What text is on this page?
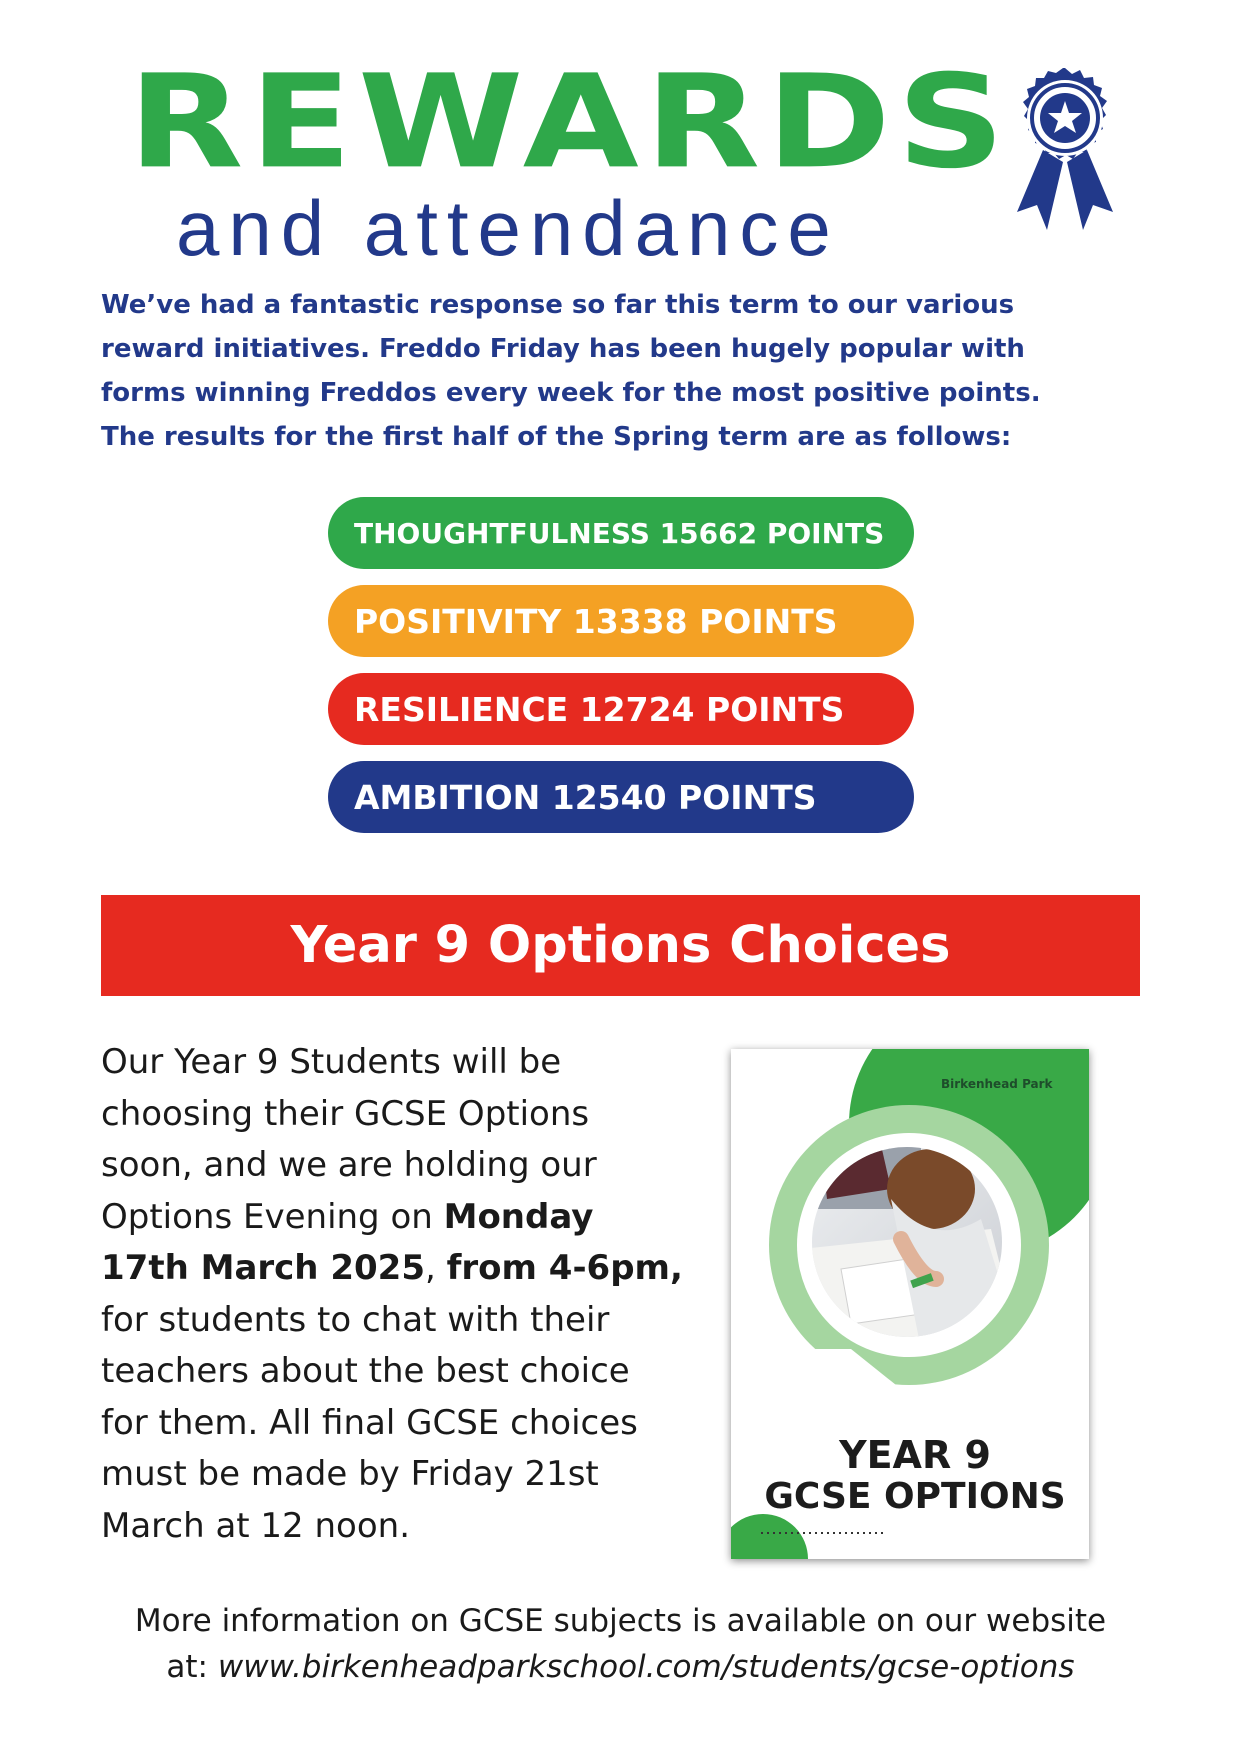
REWARDS
and attendance
We’ve had a fantastic response so far this term to our various
reward initiatives. Freddo Friday has been hugely popular with
forms winning Freddos every week for the most positive points.
The results for the first half of the Spring term are as follows:
THOUGHTFULNESS 15662 POINTS
POSITIVITY 13338 POINTS
RESILIENCE 12724 POINTS
AMBITION 12540 POINTS
Year 9 Options Choices
Our Year 9 Students will be
choosing their GCSE Options
soon, and we are holding our
Options Evening on Monday
17th March 2025, from 4-6pm,
for students to chat with their
teachers about the best choice
for them. All final GCSE choices
must be made by Friday 21st
March at 12 noon.
Birkenhead Park
YEAR 9
GCSE OPTIONS
More information on GCSE subjects is available on our website
at: www.birkenheadparkschool.com/students/gcse-options
